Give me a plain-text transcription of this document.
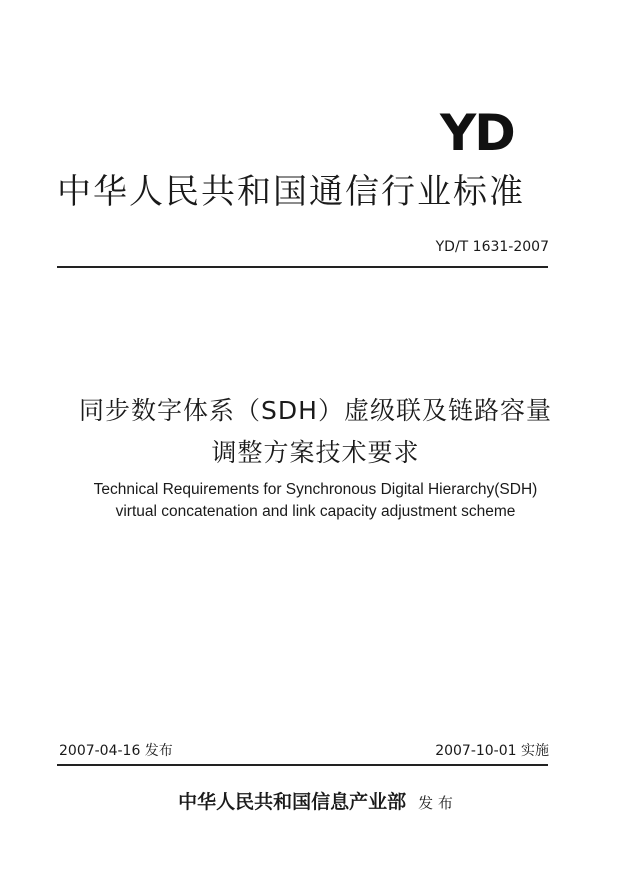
YD
中华人民共和国通信行业标准
YD/T 1631-2007
同步数字体系（SDH）虚级联及链路容量
调整方案技术要求
Technical Requirements for Synchronous Digital Hierarchy(SDH)
virtual concatenation and link capacity adjustment scheme
2007-04-16 发布	2007-10-01 实施
中华人民共和国信息产业部 发 布
